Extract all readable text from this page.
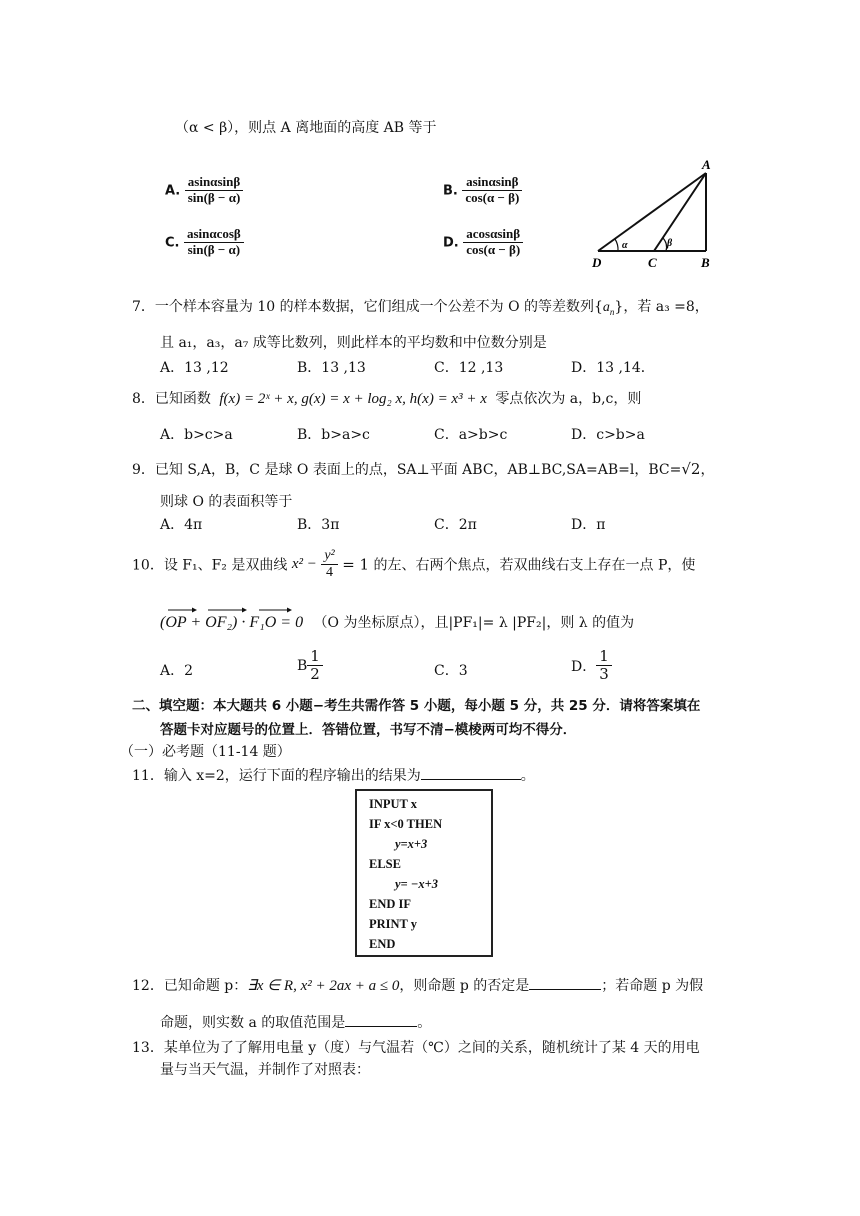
（α < β），则点 A 离地面的高度 AB 等于
A. $\frac{asin\alpha\sin\beta}{\sin(\beta - \alpha)}$	B. $\frac{asin\alpha\sin\beta}{\cos(\alpha - \beta)}$
C. $\frac{asin\alpha\cos\beta}{\sin(\beta - \alpha)}$	D. $\frac{acos\alpha\sin\beta}{\cos(\alpha - \beta)}$
A
B
C
D
α	β
7．一个样本容量为 10 的样本数据，它们组成一个公差不为 O 的等差数列$\{a_n\}$，若 a₃ =8，
且 a₁，a₃，a₇ 成等比数列，则此样本的平均数和中位数分别是
A．13 ,12	B．13 ,13	C．12 ,13	D．13 ,14．
8．已知函数 f(x) = 2ˣ + x, g(x) = x + log₂ x, h(x) = x³ + x 零点依次为 a，b,c，则
A．b>c>a	B．b>a>c	C．a>b>c	D．c>b>a
9．已知 S,A，B，C 是球 O 表面上的点，SA⊥平面 ABC，AB⊥BC,SA=AB=l，BC=√2，
则球 O 的表面积等于
A．4π	B．3π	C．2π	D．π
10．设 F₁、F₂ 是双曲线 $x^2 - \frac{\text{y²}}{4} = 1$ 的左、右两个焦点，若双曲线右支上存在一点 P，使
(OP + OF₂) · F₁O = 0 （O 为坐标原点），且|PF₁|= λ |PF₂|，则 λ 的值为
A．2	B $\frac{1}{2}$	C．3	D． $\frac{1}{3}$
二、填空题：本大题共 6 小题−考生共需作答 5 小题，每小题 5 分，共 25 分．请将答案填在
答题卡对应题号的位置上．答错位置，书写不清−模棱两可均不得分．
（一）必考题（11-14 题）
11．输入 x=2，运行下面的程序输出的结果为	。
INPUT x
IF x<0 THEN
y=x+3
ELSE
y= −x+3
END IF
PRINT y
END
12．已知命题 p：∃x ∈ R, x² + 2ax + a ≤ 0，则命题 p 的否定是	；若命题 p 为假
命题，则实数 a 的取值范围是	。
13．某单位为了了解用电量 y（度）与气温若（℃）之间的关系，随机统计了某 4 天的用电
量与当天气温，并制作了对照表：
